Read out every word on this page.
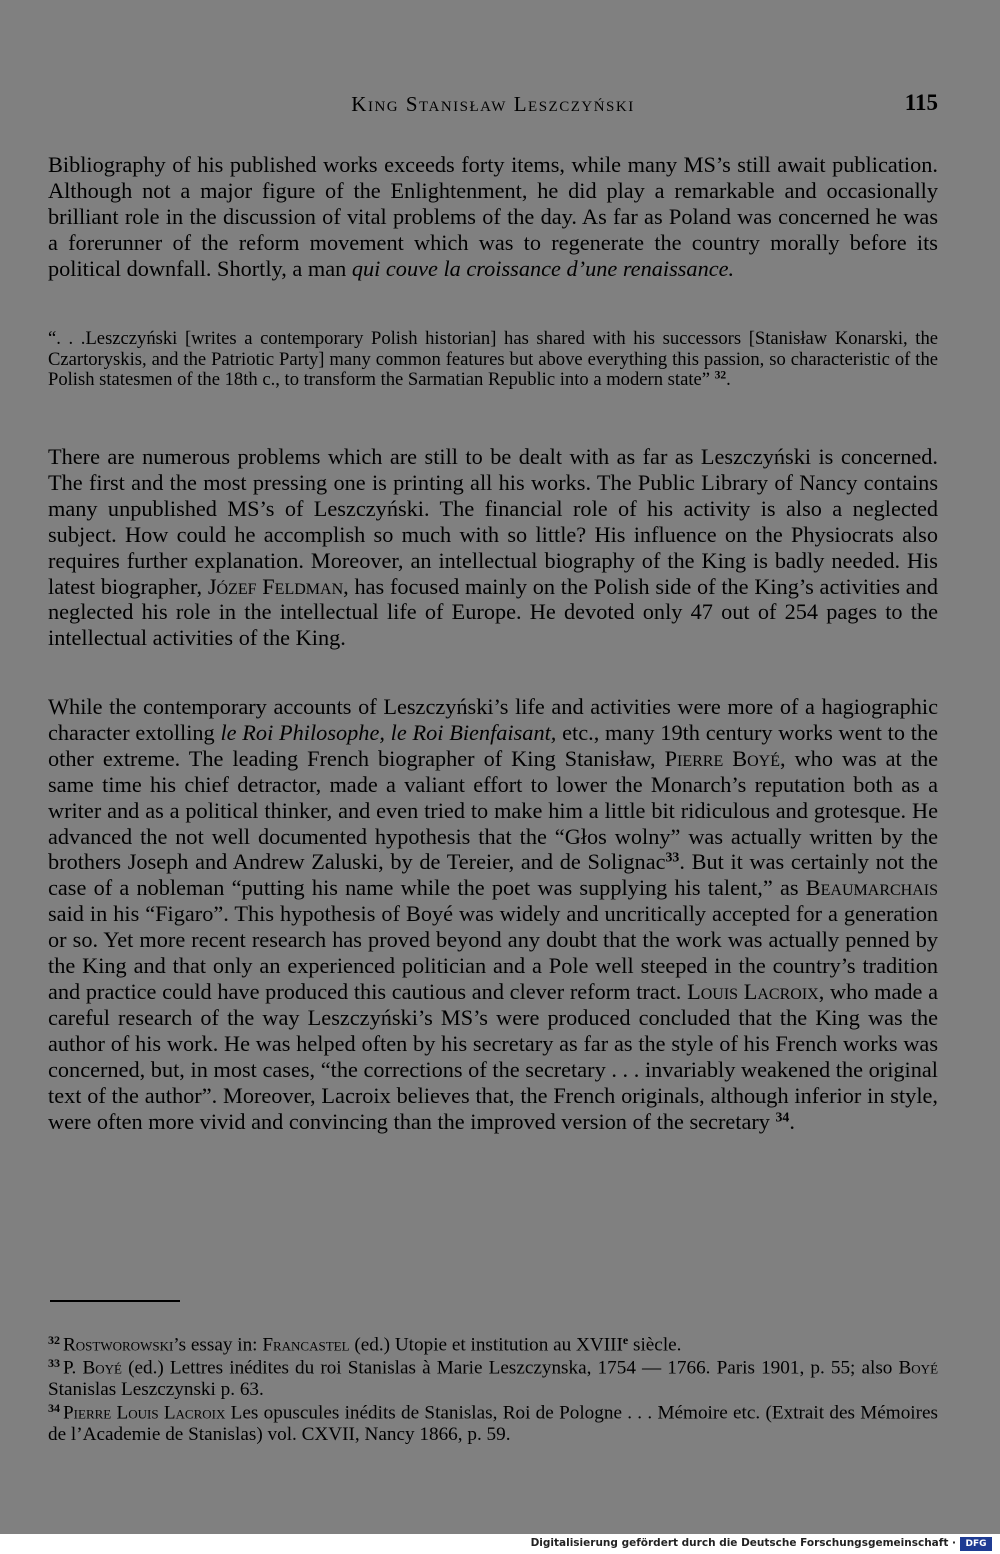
King Stanisław Leszczyński	115

Bibliography of his published works exceeds forty items, while many MS’s still await publication. Although not a major figure of the Enlightenment, he did play a remarkable and occasionally brilliant role in the discussion of vital problems of the day. As far as Poland was concerned he was a forerunner of the reform movement which was to regenerate the country morally before its political downfall. Shortly, a man qui couve la croissance d’une renaissance.

“. . .Leszczyński [writes a contemporary Polish historian] has shared with his successors [Stanisław Konarski, the Czartoryskis, and the Patriotic Party] many common features but above everything this passion, so characteristic of the Polish statesmen of the 18th c., to transform the Sarmatian Republic into a modern state” $^{32}$.

There are numerous problems which are still to be dealt with as far as Leszczyński is concerned. The first and the most pressing one is printing all his works. The Public Library of Nancy contains many unpublished MS’s of Leszczyński. The financial role of his activity is also a neglected subject. How could he accomplish so much with so little? His influence on the Physiocrats also requires further explanation. Moreover, an intellectual biography of the King is badly needed. His latest biographer, Józef Feldman, has focused mainly on the Polish side of the King’s activities and neglected his role in the intellectual life of Europe. He devoted only 47 out of 254 pages to the intellectual activities of the King.

While the contemporary accounts of Leszczyński’s life and activities were more of a hagiographic character extolling le Roi Philosophe, le Roi Bienfaisant, etc., many 19th century works went to the other extreme. The leading French biographer of King Stanisław, Pierre Boyé, who was at the same time his chief detractor, made a valiant effort to lower the Monarch’s reputation both as a writer and as a political thinker, and even tried to make him a little bit ridiculous and grotesque. He advanced the not well documented hypothesis that the “Głos wolny” was actually written by the brothers Joseph and Andrew Zaluski, by de Tereier, and de Solignac$^{33}$. But it was certainly not the case of a nobleman “putting his name while the poet was supplying his talent,” as Beaumarchais said in his “Figaro”. This hypothesis of Boyé was widely and uncritically accepted for a generation or so. Yet more recent research has proved beyond any doubt that the work was actually penned by the King and that only an experienced politician and a Pole well steeped in the country’s tradition and practice could have produced this cautious and clever reform tract. Louis Lacroix, who made a careful research of the way Leszczyński’s MS’s were produced concluded that the King was the author of his work. He was helped often by his secretary as far as the style of his French works was concerned, but, in most cases, “the corrections of the secretary . . . invariably weakened the original text of the author”. Moreover, Lacroix believes that, the French originals, although inferior in style, were often more vivid and convincing than the improved version of the secretary $^{34}$.

$^{32}$ Rostworowski’s essay in: Francastel (ed.) Utopie et institution au XVIIIe siècle.

$^{33}$ P. Boyé (ed.) Lettres inédites du roi Stanislas à Marie Leszczynska, 1754 — 1766. Paris 1901, p. 55; also Boyé Stanislas Leszczynski p. 63.

$^{34}$ Pierre Louis Lacroix Les opuscules inédits de Stanislas, Roi de Pologne . . . Mémoire etc. (Extrait des Mémoires de l’Academie de Stanislas) vol. CXVII, Nancy 1866, p. 59.

Digitalisierung gefördert durch die Deutsche Forschungsgemeinschaft ·	DFG
